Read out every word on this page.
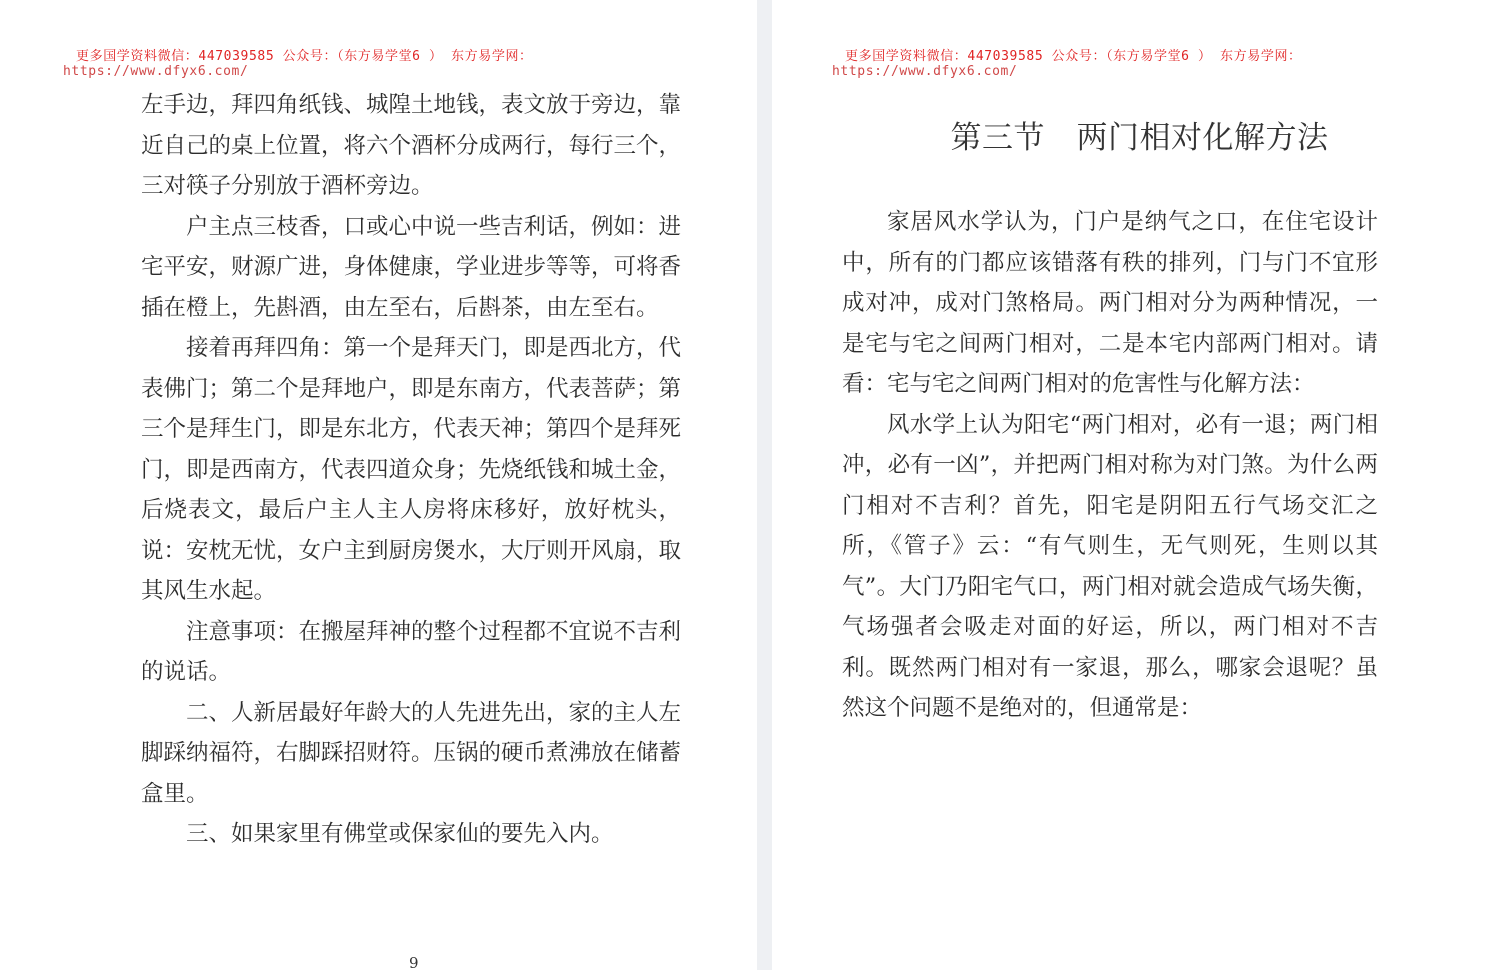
更多国学资料微信：447039585 公众号：（东方易学堂6 ） 东方易学网：
https://www.dfyx6.com/

左手边，拜四角纸钱、城隍土地钱，表文放于旁边，靠近自己的桌上位置，将六个酒杯分成两行，每行三个，三对筷子分别放于酒杯旁边。

户主点三枝香，口或心中说一些吉利话，例如：进宅平安，财源广进，身体健康，学业进步等等，可将香插在橙上，先斟酒，由左至右，后斟茶，由左至右。

接着再拜四角：第一个是拜天门，即是西北方，代表佛门；第二个是拜地户，即是东南方，代表菩萨；第三个是拜生门，即是东北方，代表天神；第四个是拜死门，即是西南方，代表四道众身；先烧纸钱和城土金，后烧表文，最后户主人主人房将床移好，放好枕头，说：安枕无忧，女户主到厨房煲水，大厅则开风扇，取其风生水起。

注意事项：在搬屋拜神的整个过程都不宜说不吉利的说话。

二、人新居最好年龄大的人先进先出，家的主人左脚踩纳福符，右脚踩招财符。压锅的硬币煮沸放在储蓄盒里。

三、如果家里有佛堂或保家仙的要先入内。

9
更多国学资料微信：447039585 公众号：（东方易学堂6 ） 东方易学网：
https://www.dfyx6.com/
第三节　两门相对化解方法

家居风水学认为，门户是纳气之口，在住宅设计中，所有的门都应该错落有秩的排列，门与门不宜形成对冲，成对门煞格局。两门相对分为两种情况，一是宅与宅之间两门相对，二是本宅内部两门相对。请看：宅与宅之间两门相对的危害性与化解方法：

风水学上认为阳宅“两门相对，必有一退；两门相冲，必有一凶”，并把两门相对称为对门煞。为什么两门相对不吉利？首先，阳宅是阴阳五行气场交汇之所，《管子》云：“有气则生，无气则死，生则以其气”。大门乃阳宅气口，两门相对就会造成气场失衡，气场强者会吸走对面的好运，所以，两门相对不吉利。既然两门相对有一家退，那么，哪家会退呢？虽然这个问题不是绝对的，但通常是：
